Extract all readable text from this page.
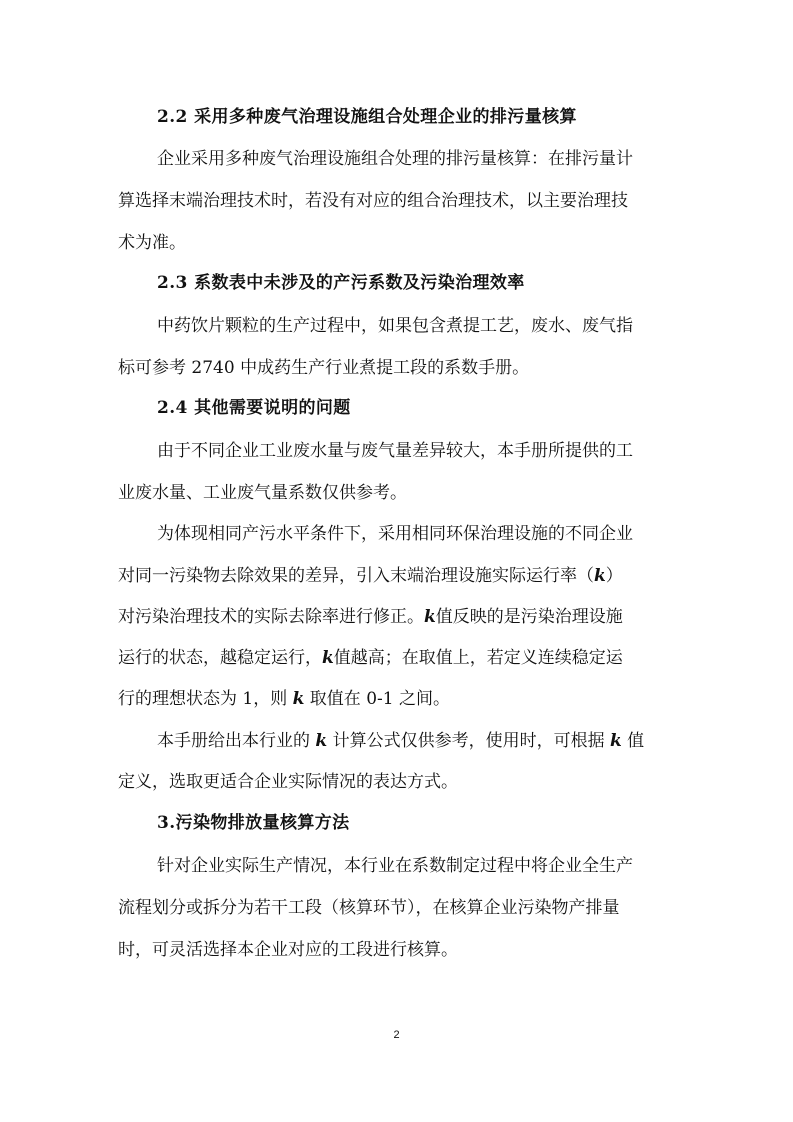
2.2 采用多种废气治理设施组合处理企业的排污量核算
企业采用多种废气治理设施组合处理的排污量核算：在排污量计
算选择末端治理技术时，若没有对应的组合治理技术，以主要治理技
术为准。
2.3 系数表中未涉及的产污系数及污染治理效率
中药饮片颗粒的生产过程中，如果包含煮提工艺，废水、废气指
标可参考 2740 中成药生产行业煮提工段的系数手册。
2.4 其他需要说明的问题
由于不同企业工业废水量与废气量差异较大，本手册所提供的工
业废水量、工业废气量系数仅供参考。
为体现相同产污水平条件下，采用相同环保治理设施的不同企业
对同一污染物去除效果的差异，引入末端治理设施实际运行率（k）
对污染治理技术的实际去除率进行修正。k值反映的是污染治理设施
运行的状态，越稳定运行，k值越高；在取值上，若定义连续稳定运
行的理想状态为 1，则 k 取值在 0-1 之间。
本手册给出本行业的 k 计算公式仅供参考，使用时，可根据 k 值
定义，选取更适合企业实际情况的表达方式。
3.污染物排放量核算方法
针对企业实际生产情况，本行业在系数制定过程中将企业全生产
流程划分或拆分为若干工段（核算环节），在核算企业污染物产排量
时，可灵活选择本企业对应的工段进行核算。
2
